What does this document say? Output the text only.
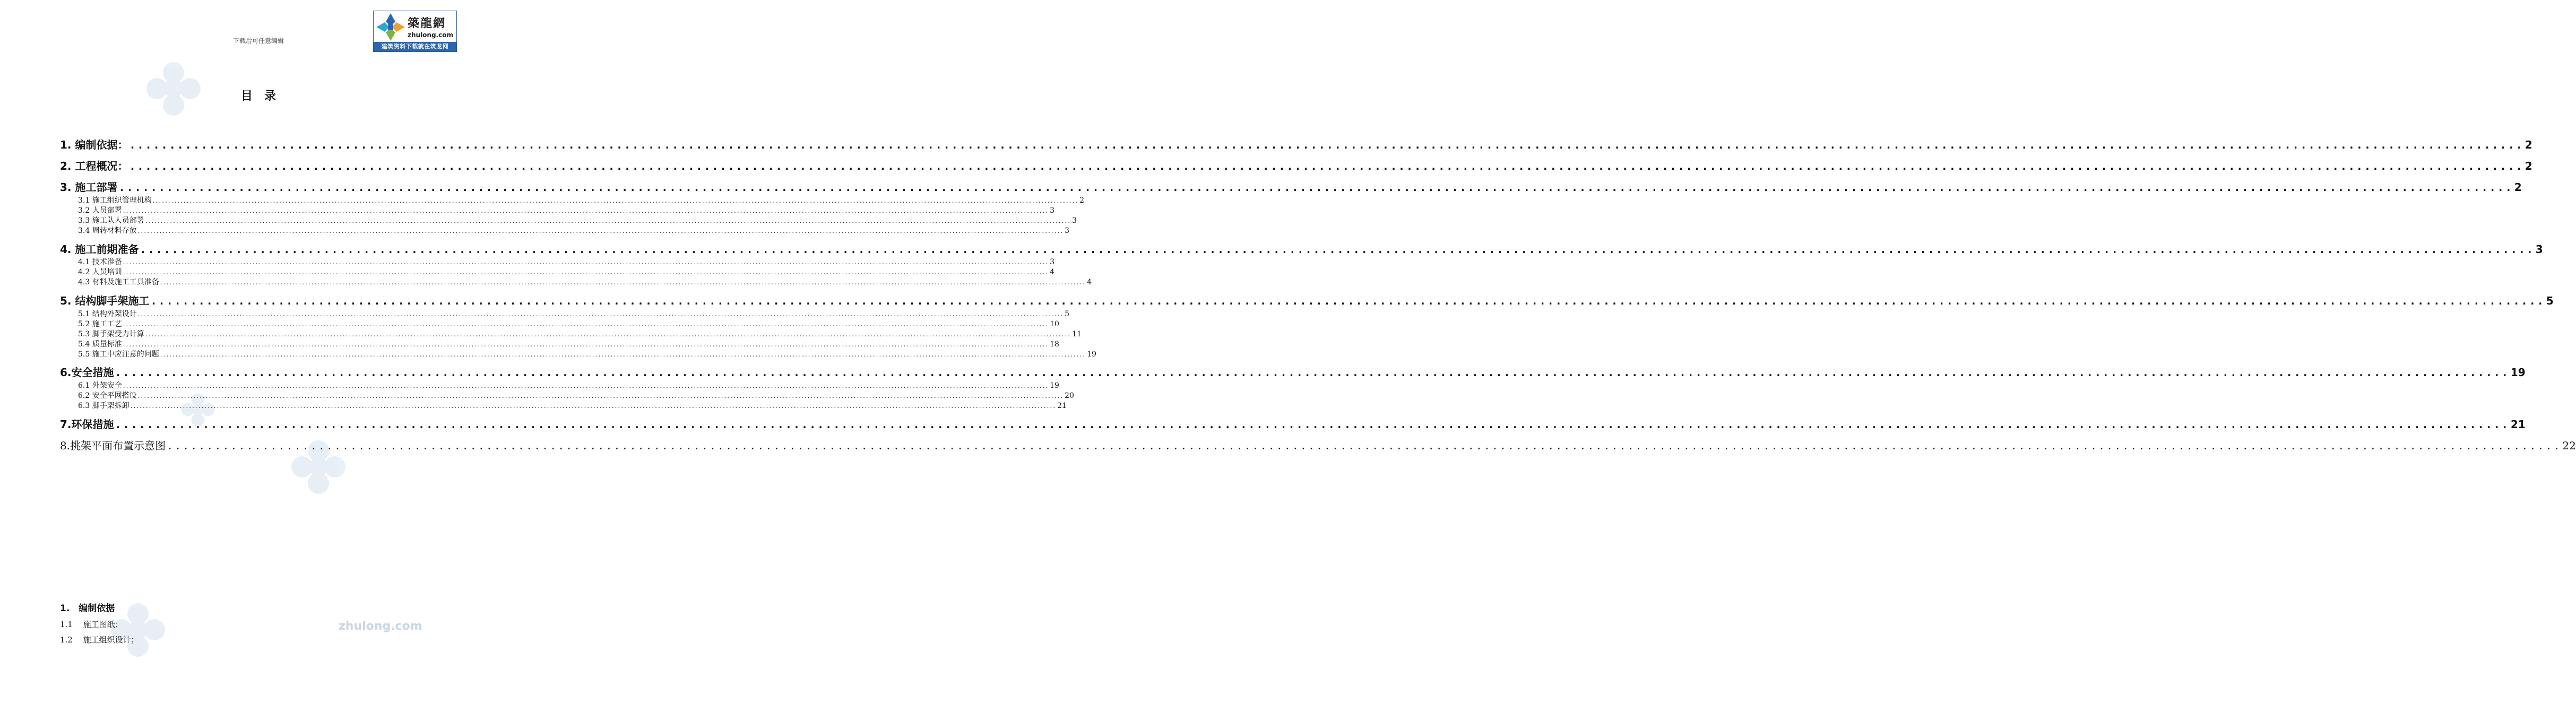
zhulong.com
下载后可任意编辑
築龍網
zhulong.com
建筑资料下载就在筑龙网
目　录
1. 编制依据： ............................................................................................................................................................................................................................................................................................................ 2
2. 工程概况： ............................................................................................................................................................................................................................................................................................................ 2
3. 施工部署 ............................................................................................................................................................................................................................................................................................................ 2
3.1 施工组织管理机构 ............................................................................................................................................................................................................................................................................................................ 2
3.2 人员部署 ............................................................................................................................................................................................................................................................................................................ 3
3.3 施工队人员部署 ............................................................................................................................................................................................................................................................................................................ 3
3.4 周转材料存放 ............................................................................................................................................................................................................................................................................................................ 3
4. 施工前期准备 ............................................................................................................................................................................................................................................................................................................ 3
4.1 技术准备 ............................................................................................................................................................................................................................................................................................................ 3
4.2 人员培训 ............................................................................................................................................................................................................................................................................................................ 4
4.3 材料及施工工具准备 ............................................................................................................................................................................................................................................................................................................ 4
5. 结构脚手架施工 ............................................................................................................................................................................................................................................................................................................ 5
5.1 结构外架设计 ............................................................................................................................................................................................................................................................................................................ 5
5.2 施工工艺 ............................................................................................................................................................................................................................................................................................................ 10
5.3 脚手架受力计算 ............................................................................................................................................................................................................................................................................................................ 11
5.4 质量标准 ............................................................................................................................................................................................................................................................................................................ 18
5.5 施工中应注意的问题 ............................................................................................................................................................................................................................................................................................................ 19
6.安全措施 ............................................................................................................................................................................................................................................................................................................ 19
6.1 外架安全 ............................................................................................................................................................................................................................................................................................................ 19
6.2 安全平网搭设 ............................................................................................................................................................................................................................................................................................................ 20
6.3 脚手架拆卸 ............................................................................................................................................................................................................................................................................................................ 21
7.环保措施 ............................................................................................................................................................................................................................................................................................................ 21
8.挑架平面布置示意图 ............................................................................................................................................................................................................................................................................................................ 22
1.　编制依据
1.1　 施工图纸；
1.2　 施工组织设计；
